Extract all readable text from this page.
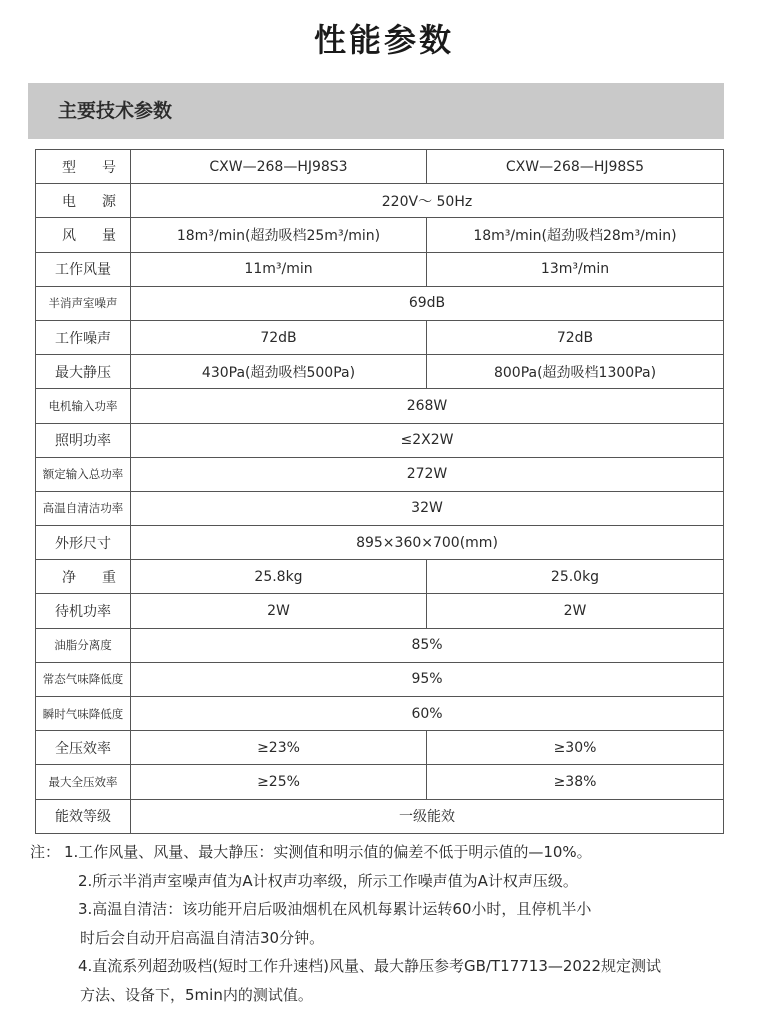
性能参数
主要技术参数
型号	CXW—268—HJ98S3	CXW—268—HJ98S5
电源	220V～ 50Hz	
风量	18m³/min(超劲吸档25m³/min)	18m³/min(超劲吸档28m³/min)
工作风量	11m³/min	13m³/min
半消声室噪声	69dB	
工作噪声	72dB	72dB
最大静压	430Pa(超劲吸档500Pa)	800Pa(超劲吸档1300Pa)
电机输入功率	268W	
照明功率	≤2X2W	
额定输入总功率	272W	
高温自清洁功率	32W	
外形尺寸	895×360×700(mm)	
净重	25.8kg	25.0kg
待机功率	2W	2W
油脂分离度	85%	
常态气味降低度	95%	
瞬时气味降低度	60%	
全压效率	≥23%	≥30%
最大全压效率	≥25%	≥38%
能效等级	一级能效	
注： 1.工作风量、风量、最大静压：实测值和明示值的偏差不低于明示值的—10%。
2.所示半消声室噪声值为A计权声功率级，所示工作噪声值为A计权声压级。
3.高温自清洁：该功能开启后吸油烟机在风机每累计运转60小时，且停机半小
时后会自动开启高温自清洁30分钟。
4.直流系列超劲吸档(短时工作升速档)风量、最大静压参考GB/T17713—2022规定测试
方法、设备下，5min内的测试值。
